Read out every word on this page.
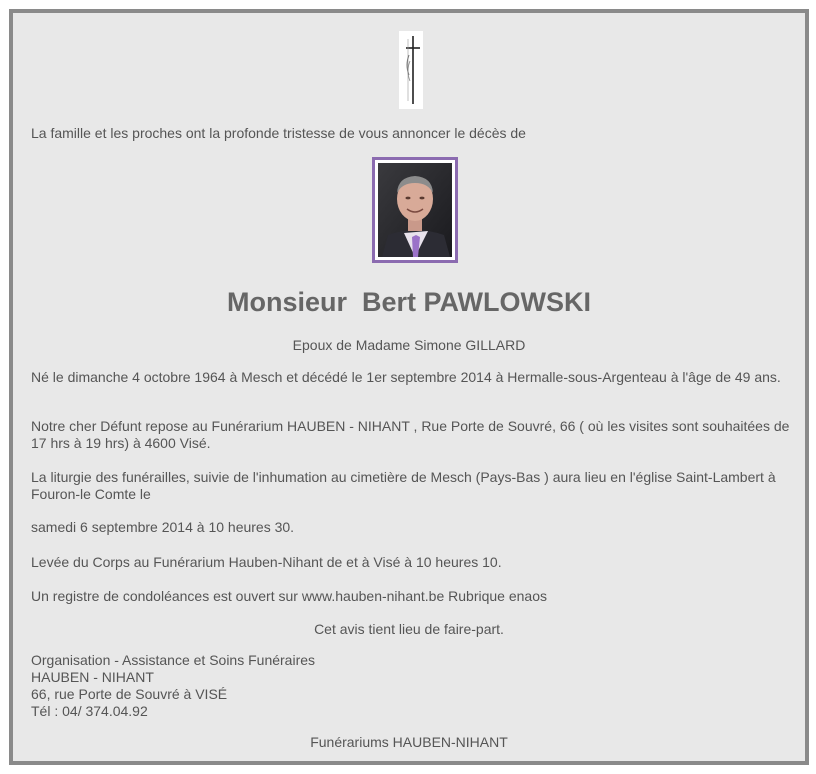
La famille et les proches ont la profonde tristesse de vous annoncer le décès de

Monsieur  Bert PAWLOWSKI

Epoux de Madame Simone GILLARD

Né le dimanche 4 octobre 1964 à Mesch et décédé le 1er septembre 2014 à Hermalle-sous-Argenteau à l'âge de 49 ans.

Notre cher Défunt repose au Funérarium HAUBEN - NIHANT , Rue Porte de Souvré, 66 ( où les visites sont souhaitées de 17 hrs à 19 hrs) à 4600 Visé.

La liturgie des funérailles, suivie de l'inhumation au cimetière de Mesch (Pays-Bas ) aura lieu en l'église Saint-Lambert à Fouron-le Comte le

samedi 6 septembre 2014 à 10 heures 30.

Levée du Corps au Funérarium Hauben-Nihant de et à Visé à 10 heures 10.

Un registre de condoléances est ouvert sur www.hauben-nihant.be Rubrique enaos

Cet avis tient lieu de faire-part.

Organisation - Assistance et Soins Funéraires
HAUBEN - NIHANT
66, rue Porte de Souvré à VISÉ
Tél : 04/ 374.04.92

Funérariums HAUBEN-NIHANT
